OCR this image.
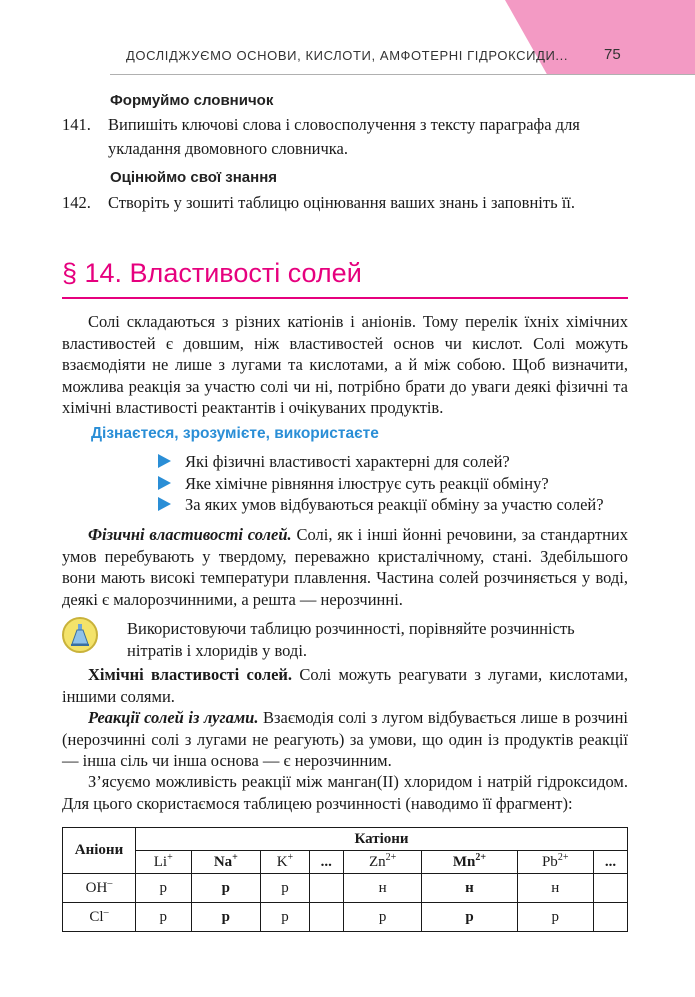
ДОСЛІДЖУЄМО ОСНОВИ, КИСЛОТИ, АМФОТЕРНІ ГІДРОКСИДИ... 75
Формуймо словничок
141. Випишіть ключові слова і словосполучення з тексту параграфа для
укладання двомовного словничка.
Оцінюймо свої знання
142. Створіть у зошиті таблицю оцінювання ваших знань і заповніть її.
§ 14. Властивості солей
Солі складаються з різних катіонів і аніонів. Тому перелік їхніх хімічних властивостей є довшим, ніж властивостей основ чи кислот. Солі можуть взаємодіяти не лише з лугами та кислотами, а й між собою. Щоб визначити, можлива реакція за участю солі чи ні, потрібно брати до уваги деякі фізичні та хімічні властивості реактантів і очікуваних продуктів.
Дізнаєтеся, зрозумієте, використаєте
Які фізичні властивості характерні для солей?
Яке хімічне рівняння ілюструє суть реакції обміну?
За яких умов відбуваються реакції обміну за участю солей?
Фізичні властивості солей. Солі, як і інші йонні речовини, за стандартних умов перебувають у твердому, переважно кристалічному, стані. Здебільшого вони мають високі температури плавлення. Частина солей розчиняється у воді, деякі є малорозчинними, а решта — нерозчинні.
Використовуючи таблицю розчинності, порівняйте розчинність нітратів і хлоридів у воді.
Хімічні властивості солей. Солі можуть реагувати з лугами, кислотами, іншими солями.
Реакції солей із лугами. Взаємодія солі з лугом відбувається лише в розчині (нерозчинні солі з лугами не реагують) за умови, що один із продуктів реакції — інша сіль чи інша основа — є нерозчинним.
З’ясуємо можливість реакції між манган(ІІ) хлоридом і натрій гідроксидом. Для цього скористаємося таблицею розчинності (наводимо її фрагмент):
Аніони	Катіони							
	Li+	Na+	K+	...	$Zn^{2+}$	$Mn^{2+}$	$Pb^{2+}$	...
OH–	р	р	р		н	н	н	
Cl–	р	р	р		р	р	р	
